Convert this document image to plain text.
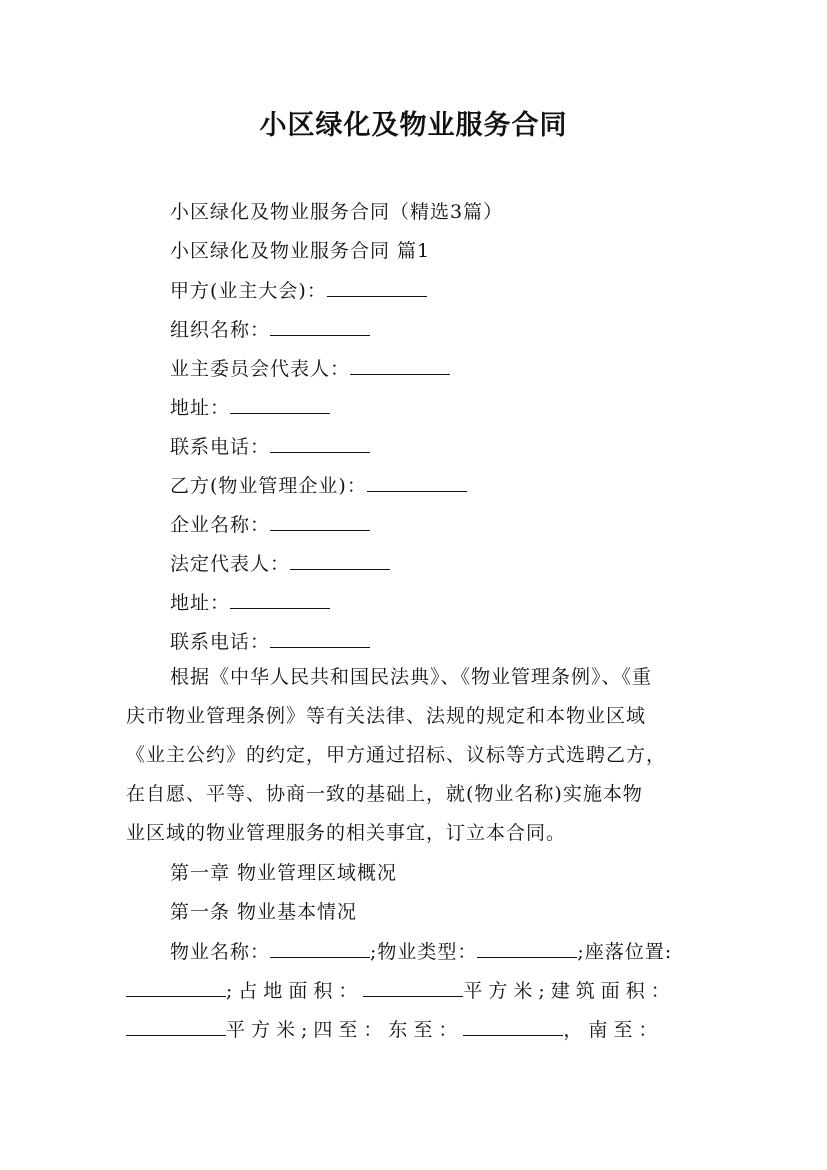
小区绿化及物业服务合同
小区绿化及物业服务合同（精选3篇）
小区绿化及物业服务合同 篇1
甲方(业主大会)：
组织名称：
业主委员会代表人：
地址：
联系电话：
乙方(物业管理企业)：
企业名称：
法定代表人：
地址：
联系电话：
根据《中华人民共和国民法典》、《物业管理条例》、《重
庆市物业管理条例》等有关法律、法规的规定和本物业区域
《业主公约》的约定，甲方通过招标、议标等方式选聘乙方，
在自愿、平等、协商一致的基础上，就(物业名称)实施本物
业区域的物业管理服务的相关事宜，订立本合同。
第一章 物业管理区域概况
第一条 物业基本情况
物业名称：	;物业类型：	;座落位置:
;占地面积：	平方米;建筑面积：
平方米;四至：东至：	，南至：
